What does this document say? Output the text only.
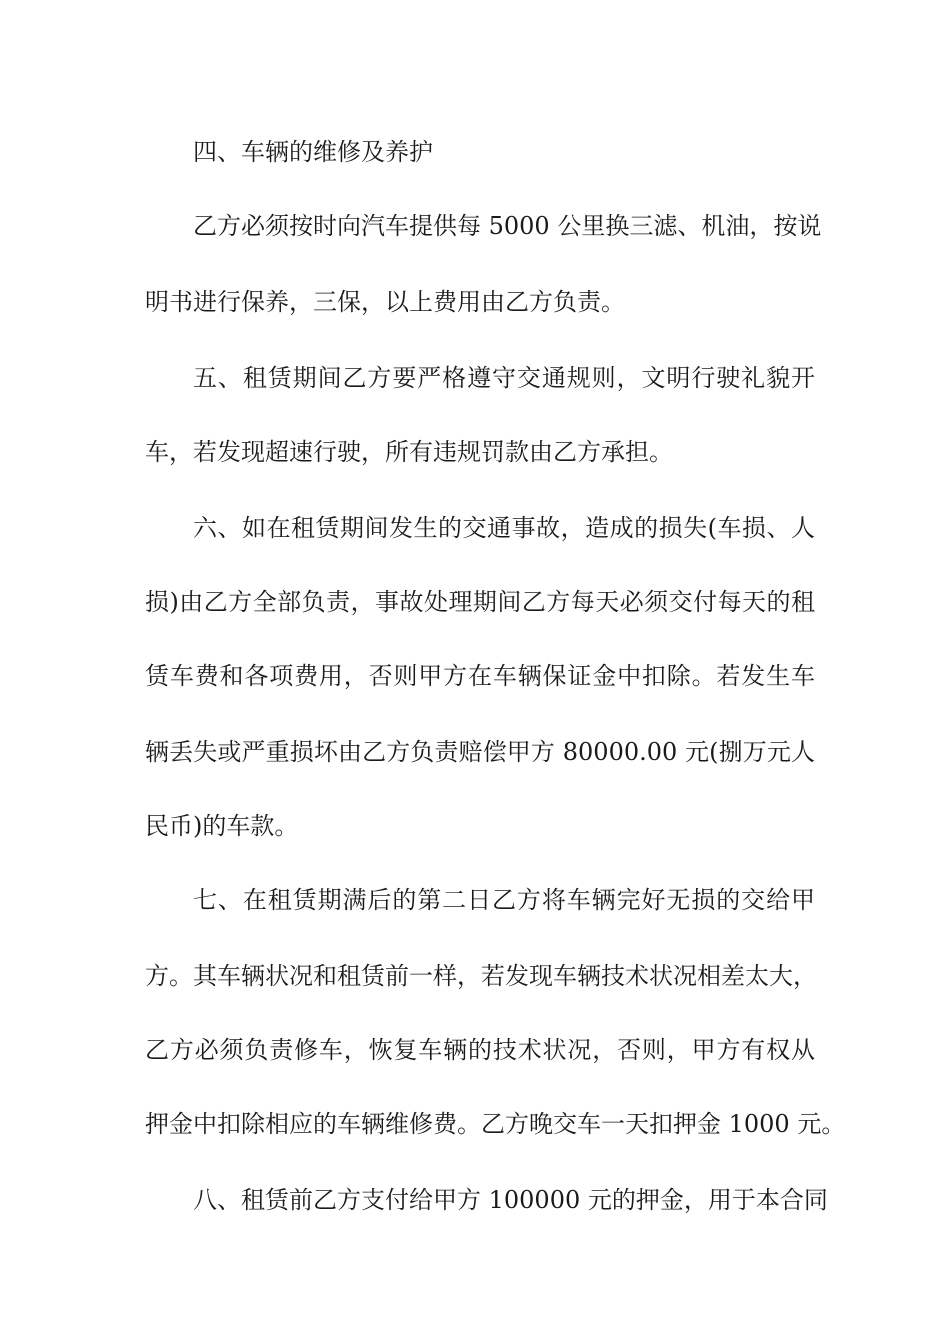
四、车辆的维修及养护
乙方必须按时向汽车提供每 5000 公里换三滤、机油，按说
明书进行保养，三保，以上费用由乙方负责。
五、租赁期间乙方要严格遵守交通规则，文明行驶礼貌开
车，若发现超速行驶，所有违规罚款由乙方承担。
六、如在租赁期间发生的交通事故，造成的损失(车损、人
损)由乙方全部负责，事故处理期间乙方每天必须交付每天的租
赁车费和各项费用，否则甲方在车辆保证金中扣除。若发生车
辆丢失或严重损坏由乙方负责赔偿甲方 80000.00 元(捌万元人
民币)的车款。
七、在租赁期满后的第二日乙方将车辆完好无损的交给甲
方。其车辆状况和租赁前一样，若发现车辆技术状况相差太大，
乙方必须负责修车，恢复车辆的技术状况，否则，甲方有权从
押金中扣除相应的车辆维修费。乙方晚交车一天扣押金 1000 元。
八、租赁前乙方支付给甲方 100000 元的押金，用于本合同
